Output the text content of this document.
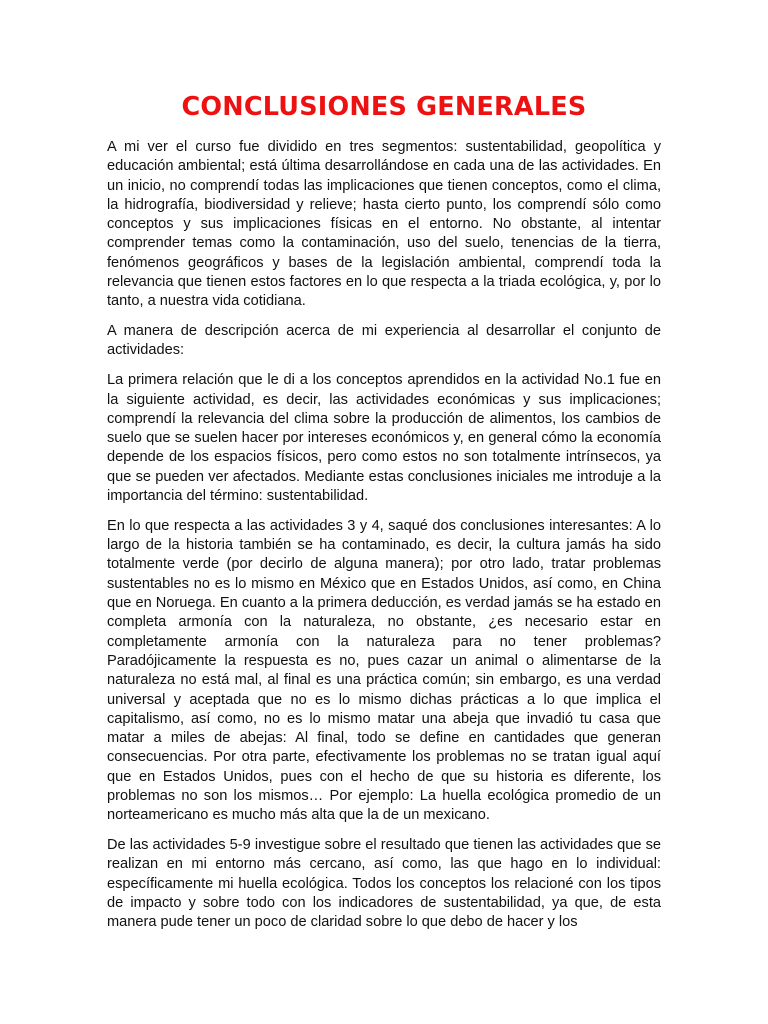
CONCLUSIONES GENERALES

A mi ver el curso fue dividido en tres segmentos: sustentabilidad, geopolítica y educación ambiental; está última desarrollándose en cada una de las actividades. En un inicio, no comprendí todas las implicaciones que tienen conceptos, como el clima, la hidrografía, biodiversidad y relieve; hasta cierto punto, los comprendí sólo como conceptos y sus implicaciones físicas en el entorno. No obstante, al intentar comprender temas como la contaminación, uso del suelo, tenencias de la tierra, fenómenos geográficos y bases de la legislación ambiental, comprendí toda la relevancia que tienen estos factores en lo que respecta a la triada ecológica, y, por lo tanto, a nuestra vida cotidiana.

A manera de descripción acerca de mi experiencia al desarrollar el conjunto de actividades:

La primera relación que le di a los conceptos aprendidos en la actividad No.1 fue en la siguiente actividad, es decir, las actividades económicas y sus implicaciones; comprendí la relevancia del clima sobre la producción de alimentos, los cambios de suelo que se suelen hacer por intereses económicos y, en general cómo la economía depende de los espacios físicos, pero como estos no son totalmente intrínsecos, ya que se pueden ver afectados. Mediante estas conclusiones iniciales me introduje a la importancia del término: sustentabilidad.

En lo que respecta a las actividades 3 y 4, saqué dos conclusiones interesantes: A lo largo de la historia también se ha contaminado, es decir, la cultura jamás ha sido totalmente verde (por decirlo de alguna manera); por otro lado, tratar problemas sustentables no es lo mismo en México que en Estados Unidos, así como, en China que en Noruega. En cuanto a la primera deducción, es verdad jamás se ha estado en completa armonía con la naturaleza, no obstante, ¿es necesario estar en completamente armonía con la naturaleza para no tener problemas? Paradójicamente la respuesta es no, pues cazar un animal o alimentarse de la naturaleza no está mal, al final es una práctica común; sin embargo, es una verdad universal y aceptada que no es lo mismo dichas prácticas a lo que implica el capitalismo, así como, no es lo mismo matar una abeja que invadió tu casa que matar a miles de abejas: Al final, todo se define en cantidades que generan consecuencias. Por otra parte, efectivamente los problemas no se tratan igual aquí que en Estados Unidos, pues con el hecho de que su historia es diferente, los problemas no son los mismos… Por ejemplo: La huella ecológica promedio de un norteamericano es mucho más alta que la de un mexicano.

De las actividades 5-9 investigue sobre el resultado que tienen las actividades que se realizan en mi entorno más cercano, así como, las que hago en lo individual: específicamente mi huella ecológica. Todos los conceptos los relacioné con los tipos de impacto y sobre todo con los indicadores de sustentabilidad, ya que, de esta manera pude tener un poco de claridad sobre lo que debo de hacer y los
